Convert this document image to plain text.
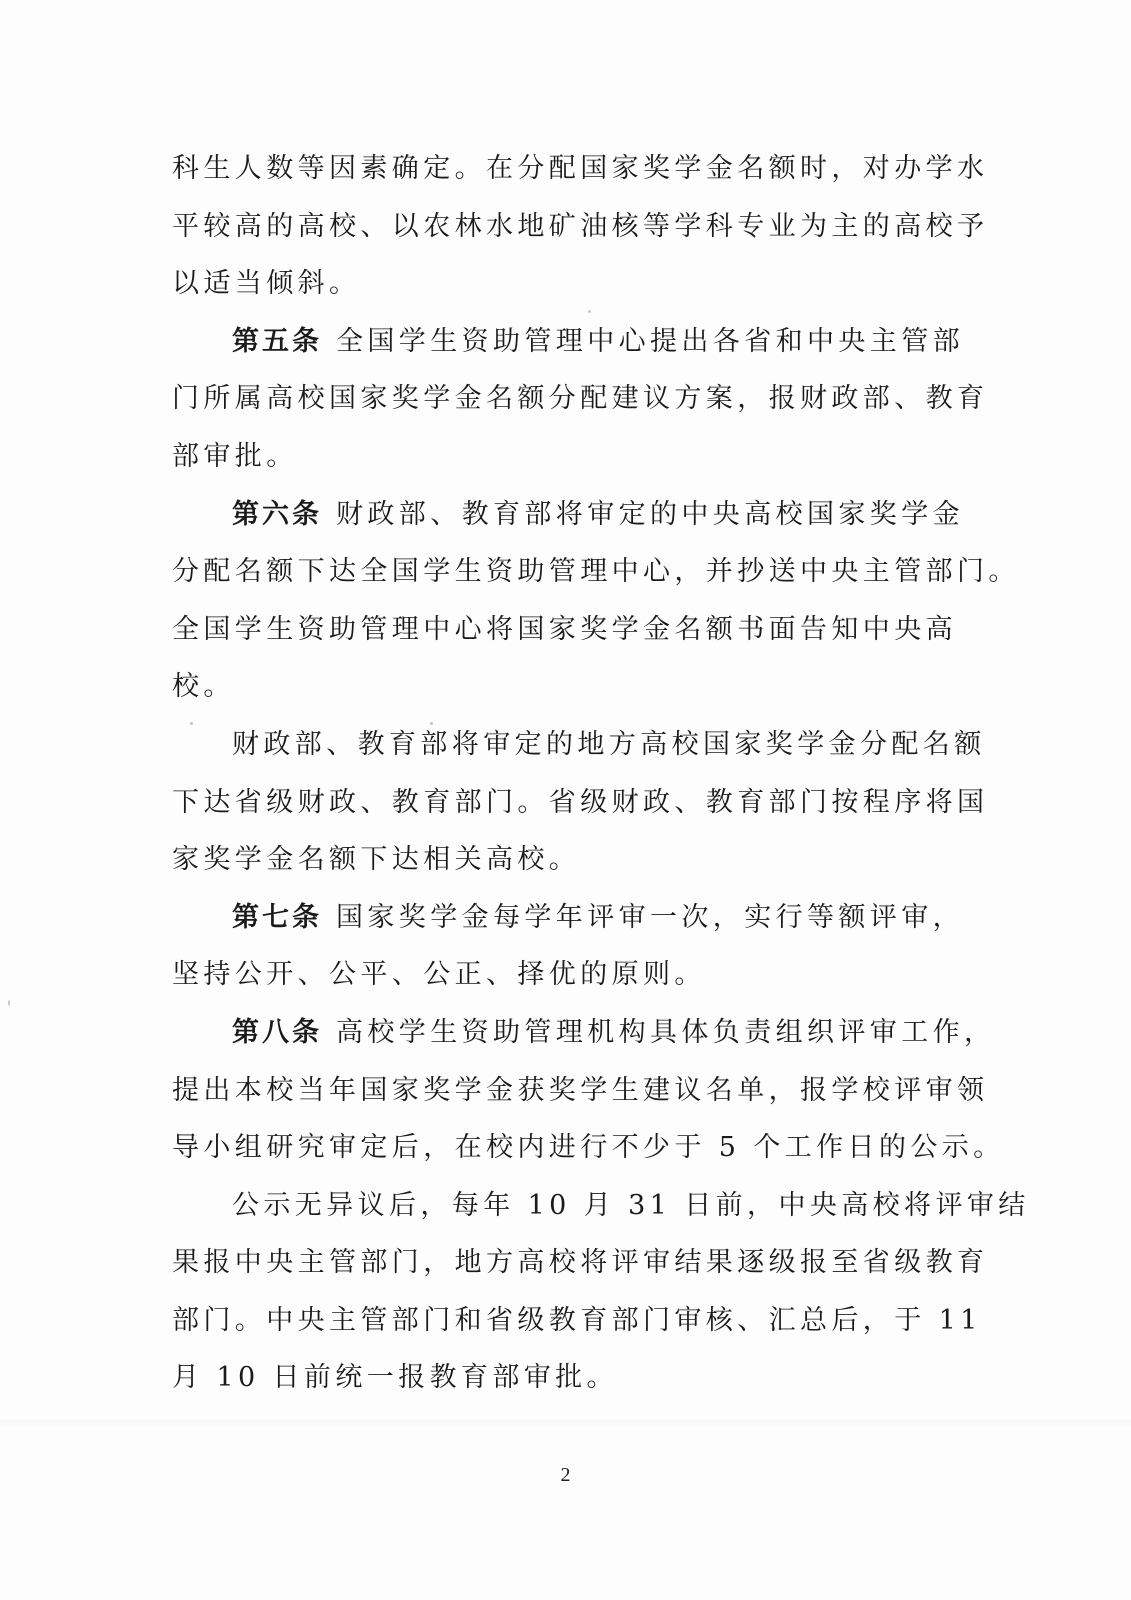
科生人数等因素确定。在分配国家奖学金名额时，对办学水
平较高的高校、以农林水地矿油核等学科专业为主的高校予
以适当倾斜。
第五条 全国学生资助管理中心提出各省和中央主管部
门所属高校国家奖学金名额分配建议方案，报财政部、教育
部审批。
第六条 财政部、教育部将审定的中央高校国家奖学金
分配名额下达全国学生资助管理中心，并抄送中央主管部门。
全国学生资助管理中心将国家奖学金名额书面告知中央高
校。
财政部、教育部将审定的地方高校国家奖学金分配名额
下达省级财政、教育部门。省级财政、教育部门按程序将国
家奖学金名额下达相关高校。
第七条 国家奖学金每学年评审一次，实行等额评审，
坚持公开、公平、公正、择优的原则。
第八条 高校学生资助管理机构具体负责组织评审工作，
提出本校当年国家奖学金获奖学生建议名单，报学校评审领
导小组研究审定后，在校内进行不少于 5 个工作日的公示。
公示无异议后，每年 10 月 31 日前，中央高校将评审结
果报中央主管部门，地方高校将评审结果逐级报至省级教育
部门。中央主管部门和省级教育部门审核、汇总后，于 11
月 10 日前统一报教育部审批。
2
